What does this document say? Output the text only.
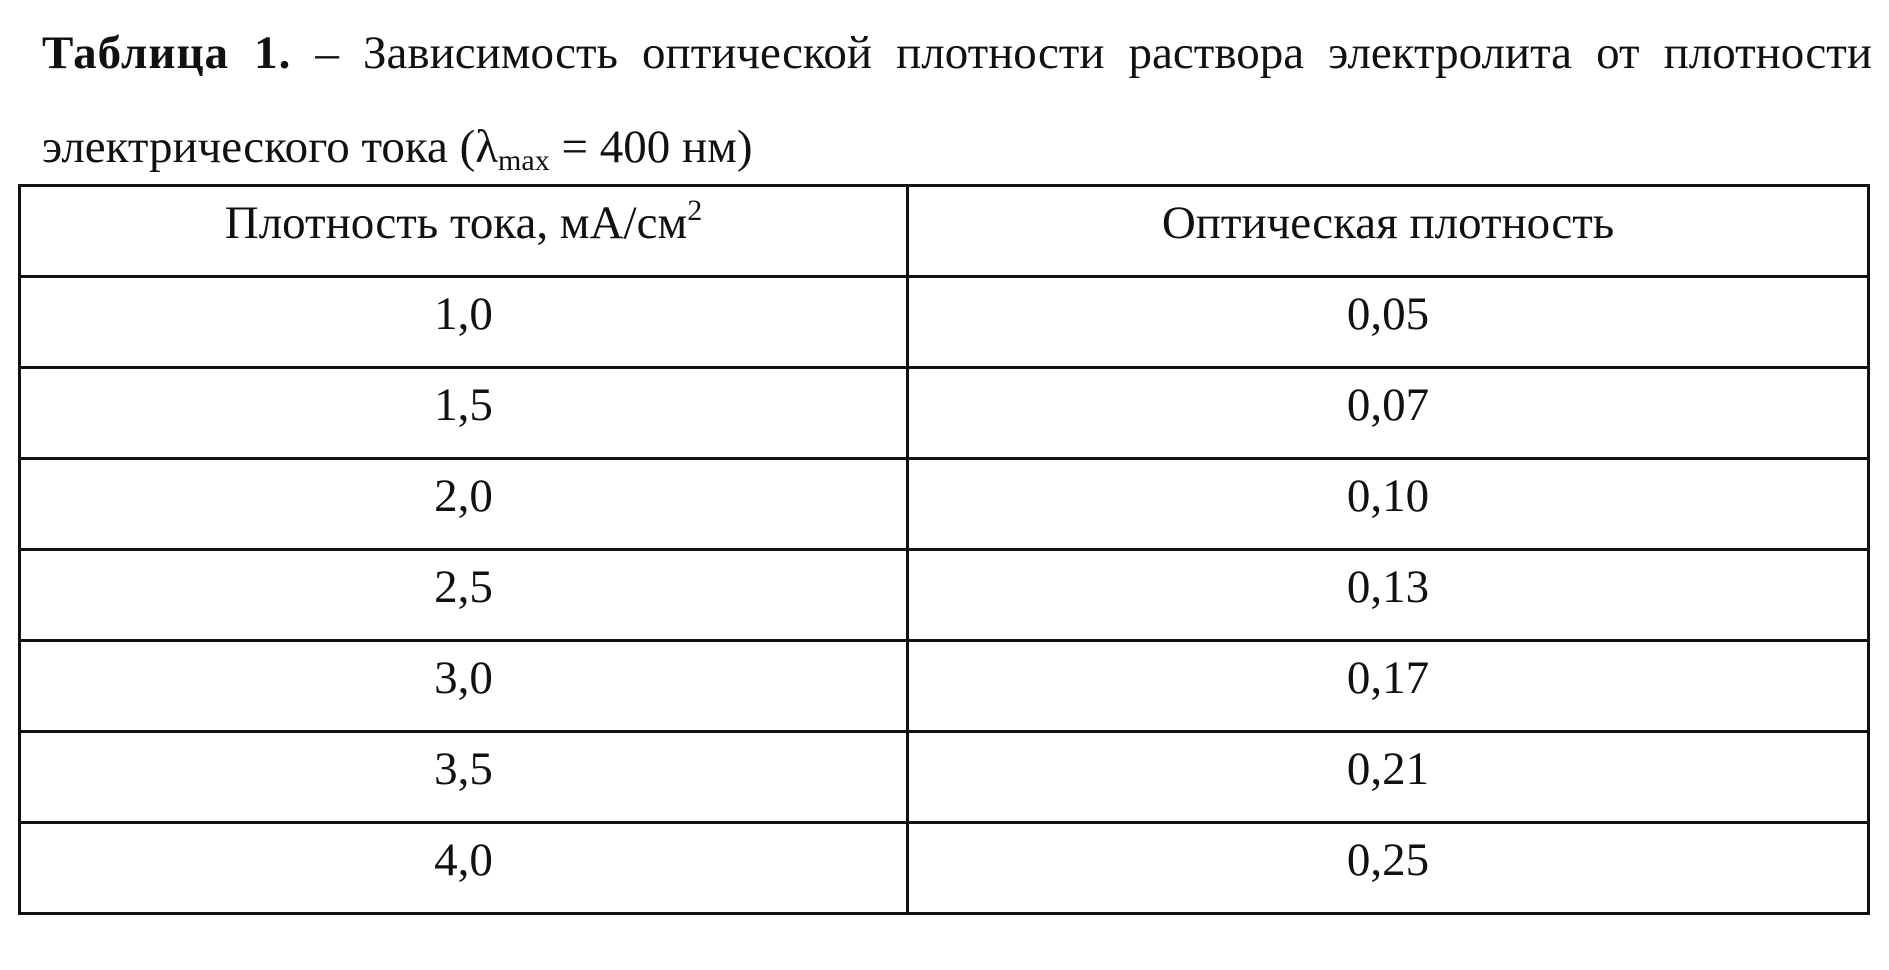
Таблица 1. – Зависимость оптической плотности раствора электролита от плотности электрического тока ($\lambda_{max} = 400$ нм)
Плотность тока, $мА/см^2$	Оптическая плотность
1,0	0,05
1,5	0,07
2,0	0,10
2,5	0,13
3,0	0,17
3,5	0,21
4,0	0,25
